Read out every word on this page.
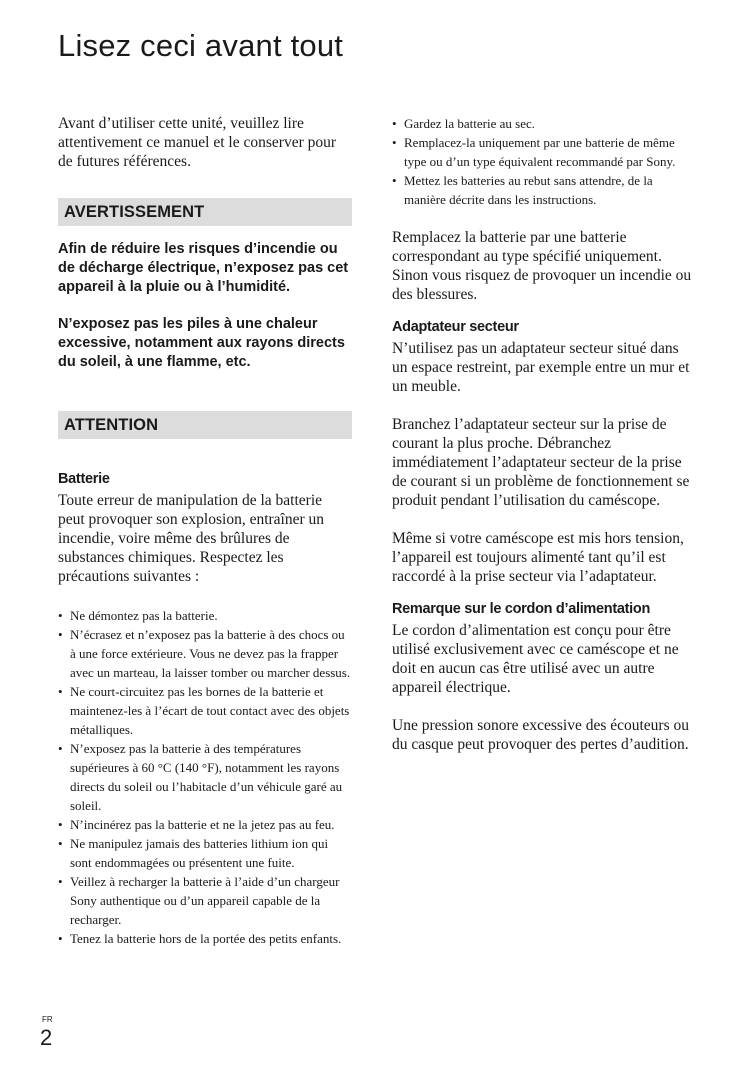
Lisez ceci avant tout

Avant d’utiliser cette unité, veuillez lire attentivement ce manuel et le conserver pour de futures références.

AVERTISSEMENT

Afin de réduire les risques d’incendie ou de décharge électrique, n’exposez pas cet appareil à la pluie ou à l’humidité.

N’exposez pas les piles à une chaleur excessive, notamment aux rayons directs du soleil, à une flamme, etc.

ATTENTION
Batterie

Toute erreur de manipulation de la batterie peut provoquer son explosion, entraîner un incendie, voire même des brûlures de substances chimiques. Respectez les précautions suivantes :

• Ne démontez pas la batterie.
• N’écrasez et n’exposez pas la batterie à des chocs ou à une force extérieure. Vous ne devez pas la frapper avec un marteau, la laisser tomber ou marcher dessus.
• Ne court-circuitez pas les bornes de la batterie et maintenez-les à l’écart de tout contact avec des objets métalliques.
• N’exposez pas la batterie à des températures supérieures à 60 °C (140 °F), notamment les rayons directs du soleil ou l’habitacle d’un véhicule garé au soleil.
• N’incinérez pas la batterie et ne la jetez pas au feu.
• Ne manipulez jamais des batteries lithium ion qui sont endommagées ou présentent une fuite.
• Veillez à recharger la batterie à l’aide d’un chargeur Sony authentique ou d’un appareil capable de la recharger.
• Tenez la batterie hors de la portée des petits enfants.
• Gardez la batterie au sec.
• Remplacez-la uniquement par une batterie de même type ou d’un type équivalent recommandé par Sony.
• Mettez les batteries au rebut sans attendre, de la manière décrite dans les instructions.

Remplacez la batterie par une batterie correspondant au type spécifié uniquement. Sinon vous risquez de provoquer un incendie ou des blessures.

Adaptateur secteur

N’utilisez pas un adaptateur secteur situé dans un espace restreint, par exemple entre un mur et un meuble.

Branchez l’adaptateur secteur sur la prise de courant la plus proche. Débranchez immédiatement l’adaptateur secteur de la prise de courant si un problème de fonctionnement se produit pendant l’utilisation du caméscope.

Même si votre caméscope est mis hors tension, l’appareil est toujours alimenté tant qu’il est raccordé à la prise secteur via l’adaptateur.

Remarque sur le cordon d’alimentation

Le cordon d’alimentation est conçu pour être utilisé exclusivement avec ce caméscope et ne doit en aucun cas être utilisé avec un autre appareil électrique.

Une pression sonore excessive des écouteurs ou du casque peut provoquer des pertes d’audition.

FR
2
